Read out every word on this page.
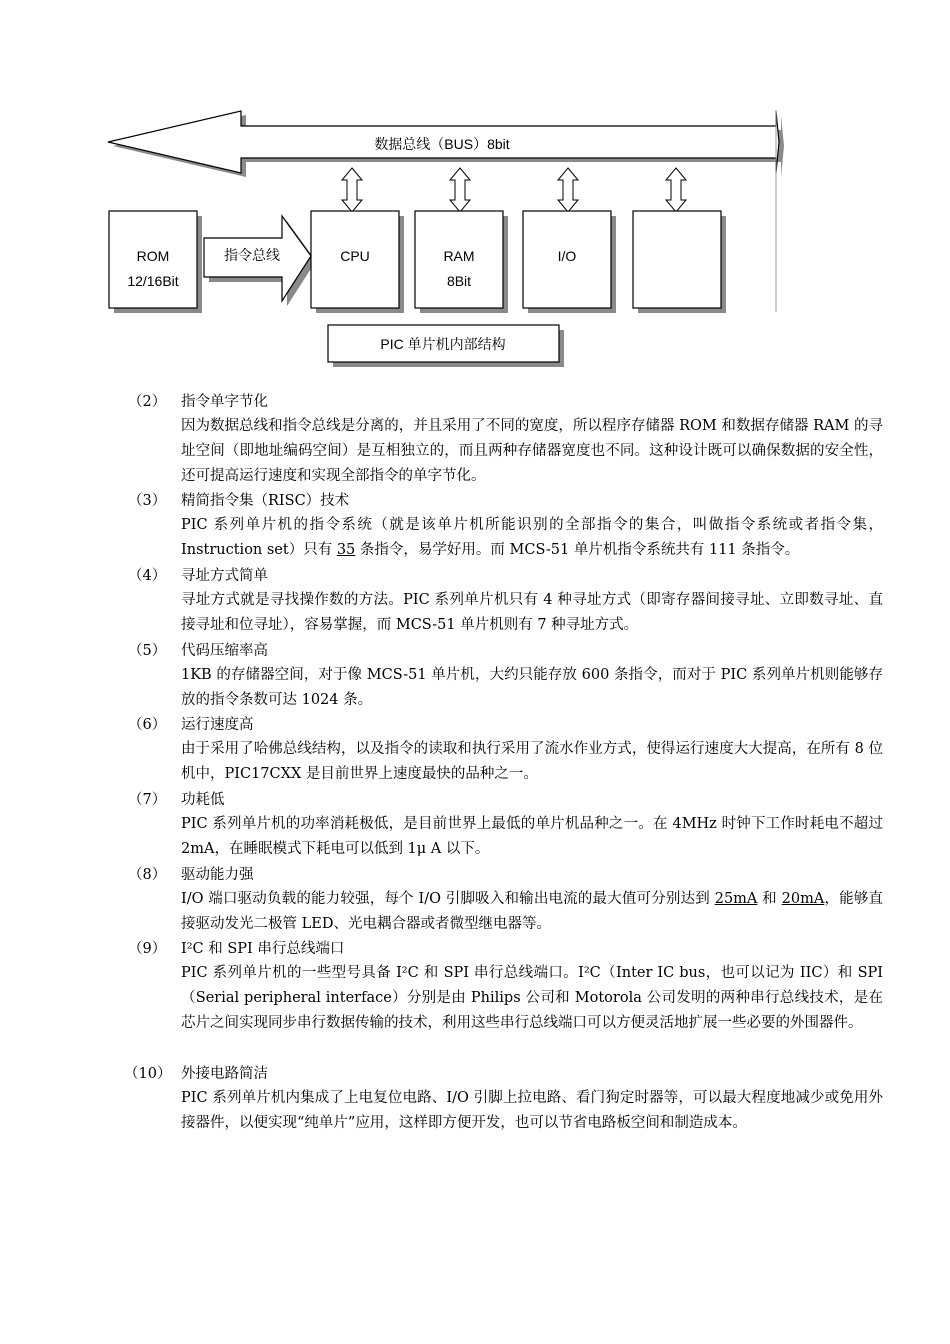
数据总线（BUS）8bit
ROM
12/16Bit
指令总线	CPU	RAM
8Bit
I/O
PIC 单片机内部结构
（2）	指令单字节化

因为数据总线和指令总线是分离的，并且采用了不同的宽度，所以程序存储器 ROM 和数据存储器 RAM 的寻址空间（即地址编码空间）是互相独立的，而且两种存储器宽度也不同。这种设计既可以确保数据的安全性，还可提高运行速度和实现全部指令的单字节化。

（3）	精简指令集（RISC）技术

PIC 系列单片机的指令系统（就是该单片机所能识别的全部指令的集合，叫做指令系统或者指令集，Instruction set）只有 35 条指令，易学好用。而 MCS-51 单片机指令系统共有 111 条指令。

（4）	寻址方式简单

寻址方式就是寻找操作数的方法。PIC 系列单片机只有 4 种寻址方式（即寄存器间接寻址、立即数寻址、直接寻址和位寻址），容易掌握，而 MCS-51 单片机则有 7 种寻址方式。

（5）	代码压缩率高

1KB 的存储器空间，对于像 MCS-51 单片机，大约只能存放 600 条指令，而对于 PIC 系列单片机则能够存放的指令条数可达 1024 条。

（6）	运行速度高

由于采用了哈佛总线结构，以及指令的读取和执行采用了流水作业方式，使得运行速度大大提高，在所有 8 位机中，PIC17CXX 是目前世界上速度最快的品种之一。

（7）	功耗低

PIC 系列单片机的功率消耗极低，是目前世界上最低的单片机品种之一。在 4MHz 时钟下工作时耗电不超过 2mA，在睡眠模式下耗电可以低到 1μ A 以下。

（8）	驱动能力强

I/O 端口驱动负载的能力较强，每个 I/O 引脚吸入和输出电流的最大值可分别达到 25mA 和 20mA，能够直接驱动发光二极管 LED、光电耦合器或者微型继电器等。

（9）	I²C 和 SPI 串行总线端口

PIC 系列单片机的一些型号具备 I²C 和 SPI 串行总线端口。I²C（Inter IC bus，也可以记为 IIC）和 SPI（Serial peripheral interface）分别是由 Philips 公司和 Motorola 公司发明的两种串行总线技术，是在芯片之间实现同步串行数据传输的技术，利用这些串行总线端口可以方便灵活地扩展一些必要的外围器件。

（10） 外接电路简洁

PIC 系列单片机内集成了上电复位电路、I/O 引脚上拉电路、看门狗定时器等，可以最大程度地减少或免用外接器件，以便实现“纯单片”应用，这样即方便开发，也可以节省电路板空间和制造成本。
